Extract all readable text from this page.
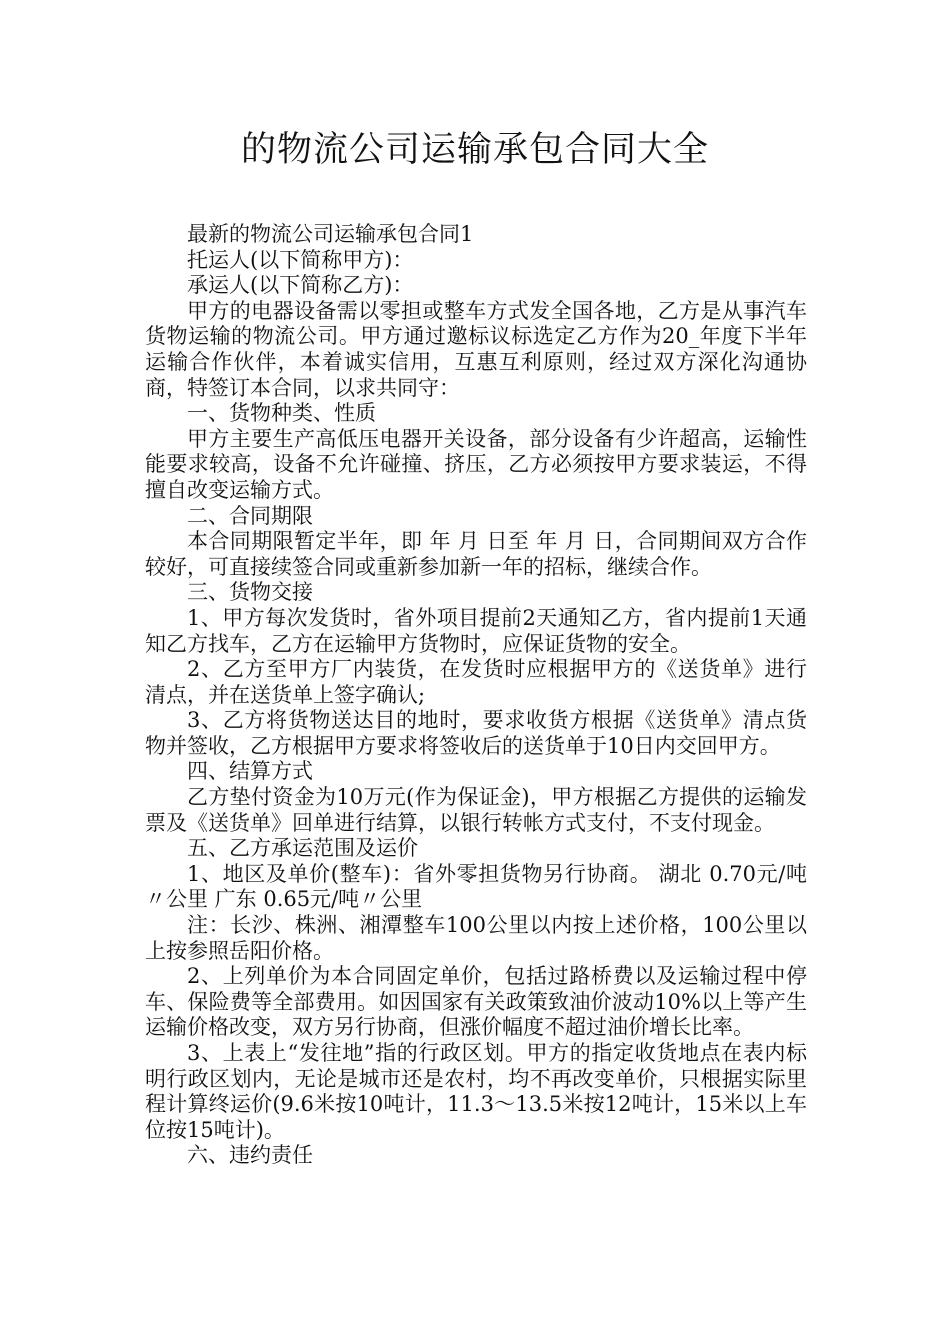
的物流公司运输承包合同大全

最新的物流公司运输承包合同1

托运人(以下简称甲方)：

承运人(以下简称乙方)：

甲方的电器设备需以零担或整车方式发全国各地，乙方是从事汽车货物运输的物流公司。甲方通过邀标议标选定乙方作为20_年度下半年运输合作伙伴，本着诚实信用，互惠互利原则，经过双方深化沟通协商，特签订本合同，以求共同守：

一、货物种类、性质

甲方主要生产高低压电器开关设备，部分设备有少许超高，运输性能要求较高，设备不允许碰撞、挤压，乙方必须按甲方要求装运，不得擅自改变运输方式。

二、合同期限

本合同期限暂定半年，即 年 月 日至 年 月 日，合同期间双方合作较好，可直接续签合同或重新参加新一年的招标，继续合作。

三、货物交接

1、甲方每次发货时，省外项目提前2天通知乙方，省内提前1天通知乙方找车，乙方在运输甲方货物时，应保证货物的安全。

2、乙方至甲方厂内装货，在发货时应根据甲方的《送货单》进行清点，并在送货单上签字确认;

3、乙方将货物送达目的地时，要求收货方根据《送货单》清点货物并签收，乙方根据甲方要求将签收后的送货单于10日内交回甲方。

四、结算方式

乙方垫付资金为10万元(作为保证金)，甲方根据乙方提供的运输发票及《送货单》回单进行结算，以银行转帐方式支付，不支付现金。

五、乙方承运范围及运价

1、地区及单价(整车)：省外零担货物另行协商。 湖北 0.70元/吨〃公里 广东 0.65元/吨〃公里

注：长沙、株洲、湘潭整车100公里以内按上述价格，100公里以上按参照岳阳价格。

2、上列单价为本合同固定单价，包括过路桥费以及运输过程中停车、保险费等全部费用。如因国家有关政策致油价波动10%以上等产生运输价格改变，双方另行协商，但涨价幅度不超过油价增长比率。

3、上表上“发往地”指的行政区划。甲方的指定收货地点在表内标明行政区划内，无论是城市还是农村，均不再改变单价，只根据实际里程计算终运价(9.6米按10吨计，11.3～13.5米按12吨计，15米以上车位按15吨计)。

六、违约责任
